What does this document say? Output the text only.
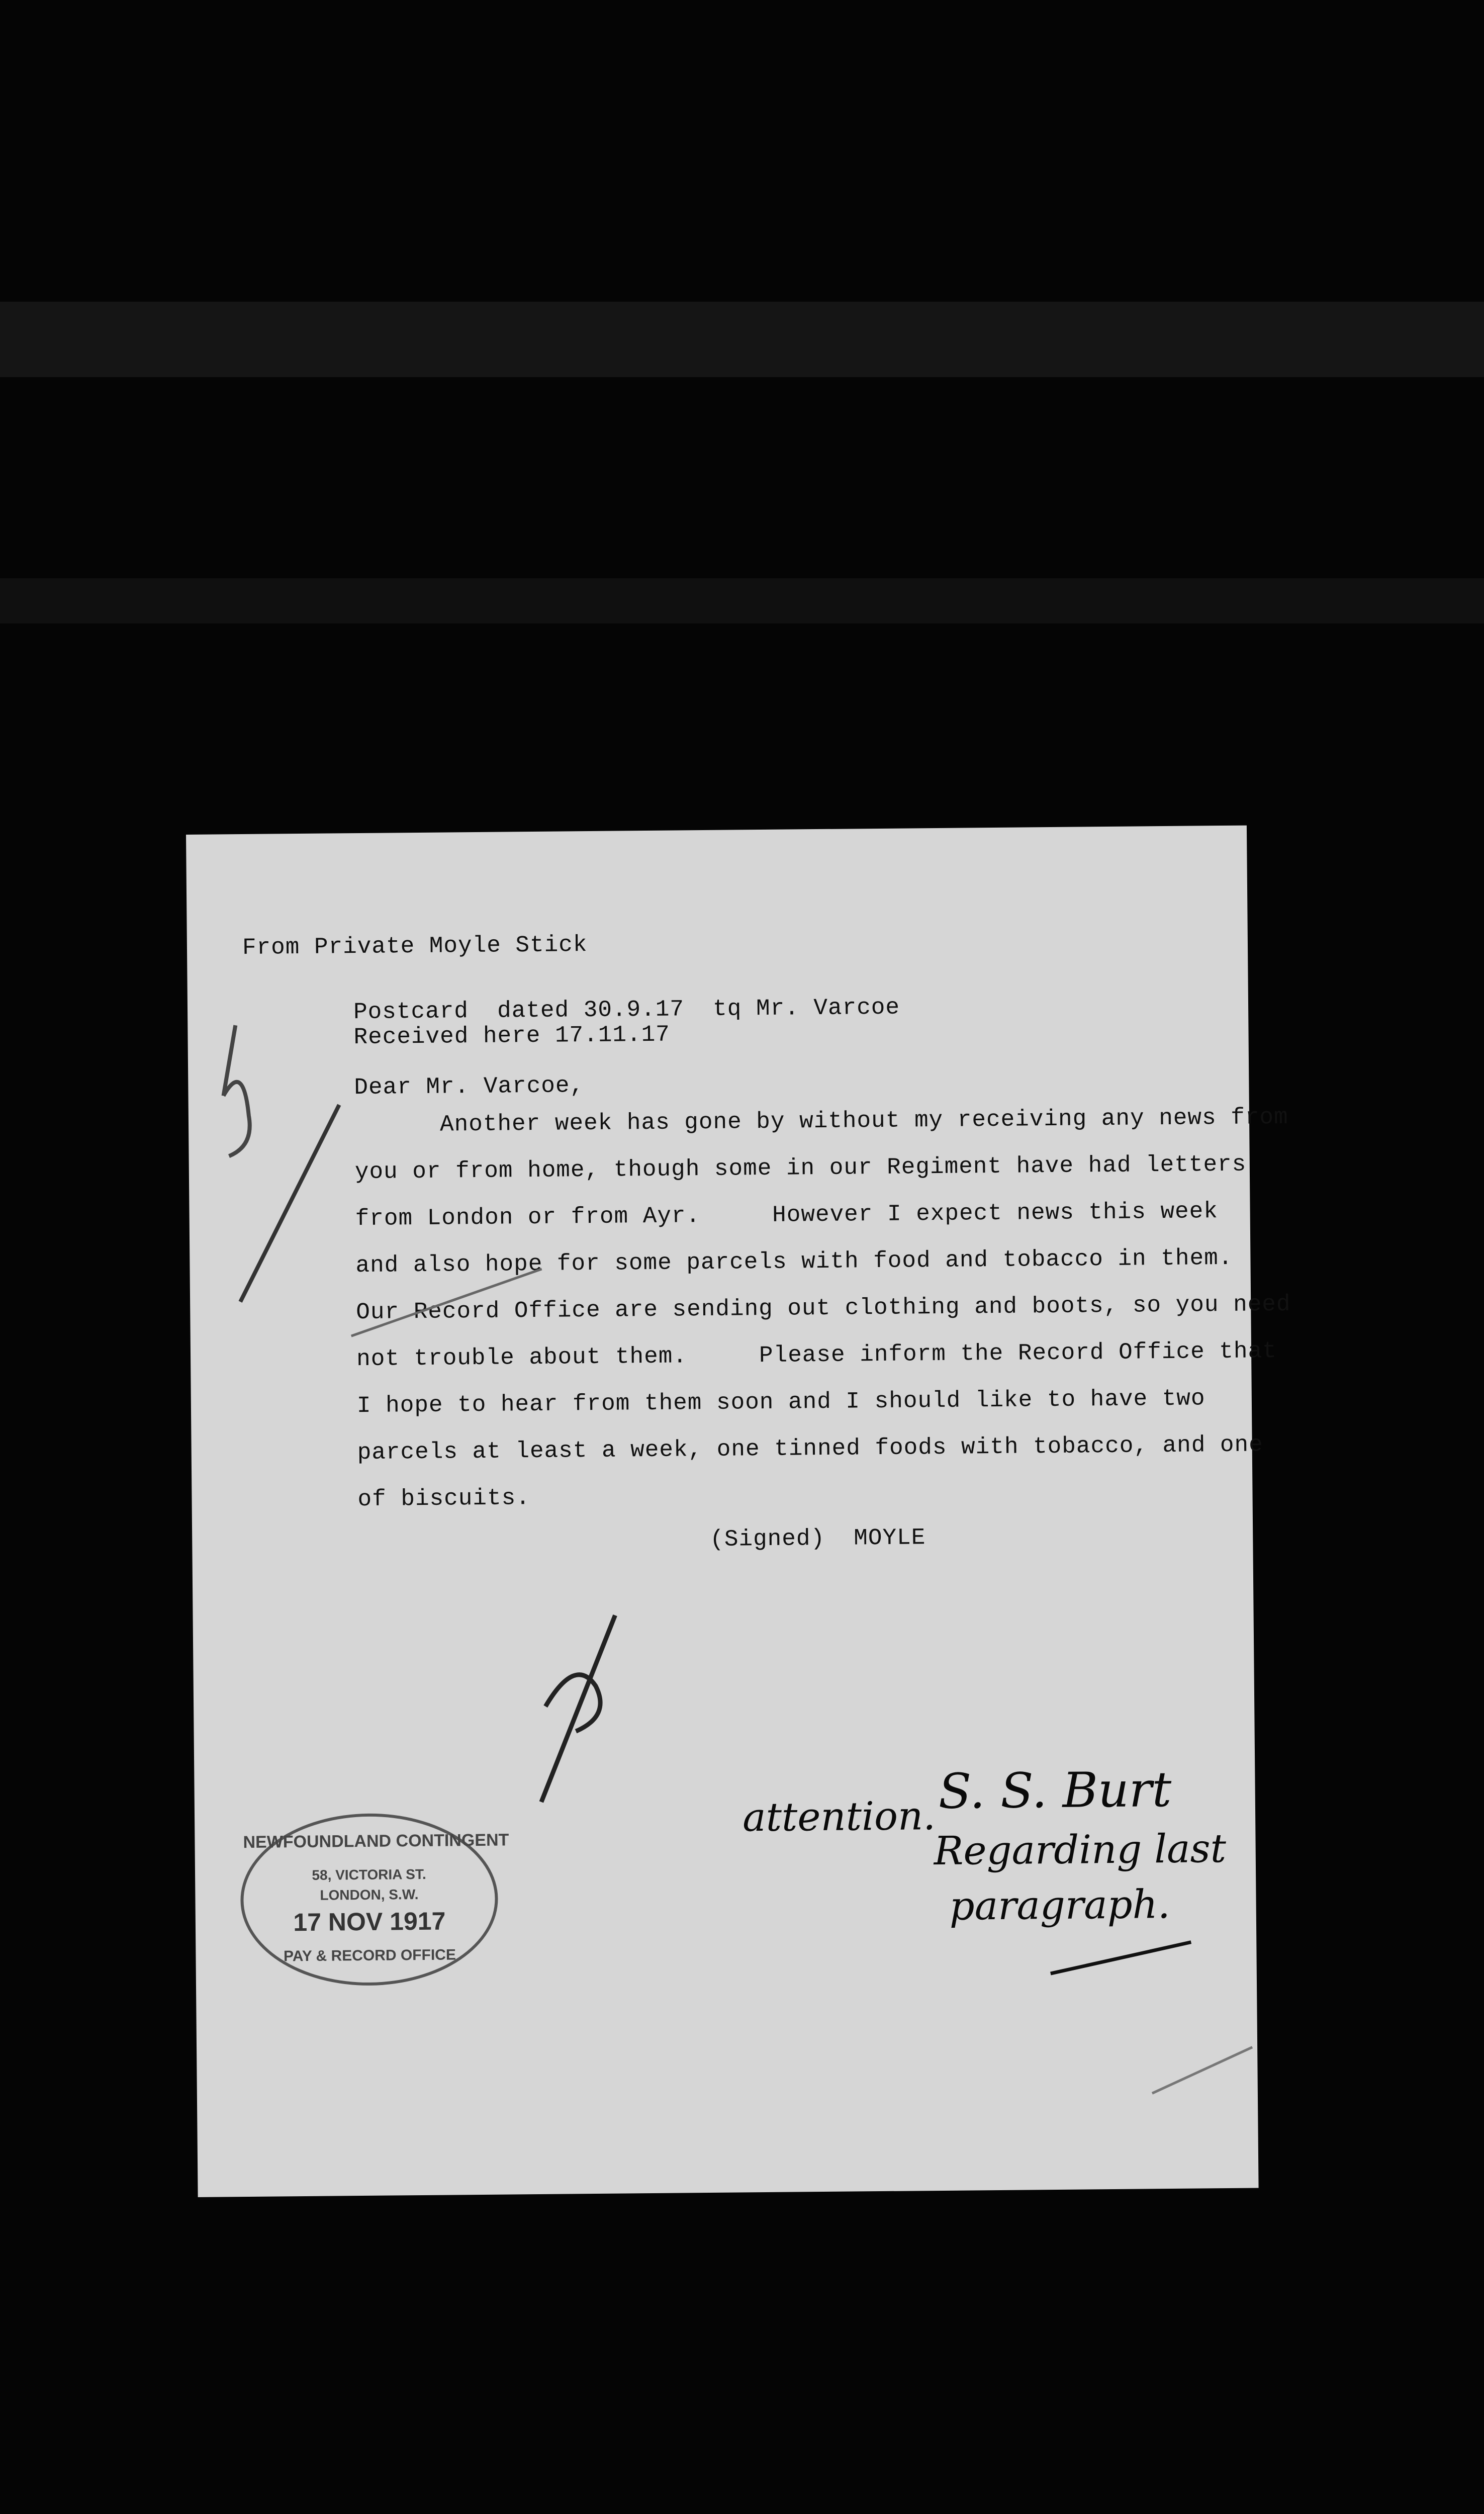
From Private Moyle Stick
Postcard  dated 30.9.17  tq Mr. Varcoe
Received here 17.11.17
Dear Mr. Varcoe,
Another week has gone by without my receiving any news from
you or from home, though some in our Regiment have had letters
from London or from Ayr.     However I expect news this week
and also hope for some parcels with food and tobacco in them.
Our Record Office are sending out clothing and boots, so you need
not trouble about them.     Please inform the Record Office that
I hope to hear from them soon and I should like to have two
parcels at least a week, one tinned foods with tobacco, and one
of biscuits.
(Signed)  MOYLE
attention. S. S. Burt
Regarding last
paragraph.
NEWFOUNDLAND CONTINGENT
58, VICTORIA ST.
LONDON, S.W.
17 NOV 1917
PAY & RECORD OFFICE
